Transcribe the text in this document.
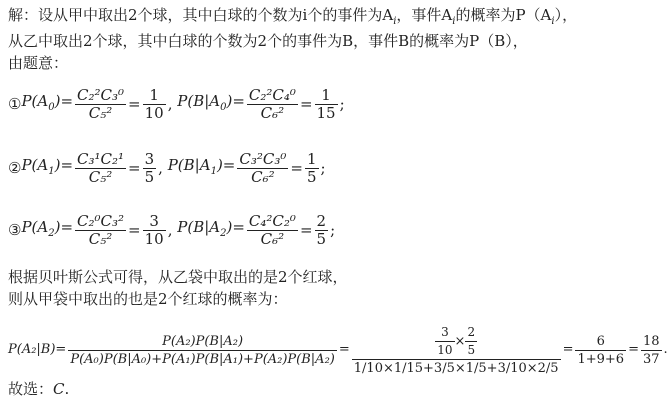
解：设从甲中取出2个球，其中白球的个数为i个的事件为$A_i$，事件$A_i$的概率为$P(A_i)$，
从乙中取出2个球，其中白球的个数为2个的事件为B，事件B的概率为P（B），
由题意：
① $P(A_0)= \frac{\text{C₂²C₃⁰}}{\text{C₅²}} = \frac{1}{10}$ , $P(B|A_0)= \frac{\text{C₂²C₄⁰}}{\text{C₆²}} = \frac{1}{15}$ ;
② $P(A_1)= \frac{\text{C₃¹C₂¹}}{\text{C₅²}} = \frac{3}{5}$ , $P(B|A_1)= \frac{\text{C₃²C₃⁰}}{\text{C₆²}} = \frac{1}{5}$ ;
③ $P(A_2)= \frac{\text{C₂⁰C₃²}}{\text{C₅²}} = \frac{3}{10}$ , $P(B|A_2)= \frac{\text{C₄²C₂⁰}}{\text{C₆²}} = \frac{2}{5}$ ;
根据贝叶斯公式可得，从乙袋中取出的是2个红球，
则从甲袋中取出的也是2个红球的概率为：
$P(A_2|B)= \frac{\text{P(A₂)P(B|A₂)}}{\text{P(A₀)P(B|A₀)+P(A₁)P(B|A₁)+P(A₂)P(B|A₂)}} = \frac{\frac{3}{10} \times \frac{2}{5}}{1/10\times 1/15+3/5\times 1/5+3/10\times 2/5} = \frac{6}{1+9+6} = \frac{18}{37}$ .
故选：C.
